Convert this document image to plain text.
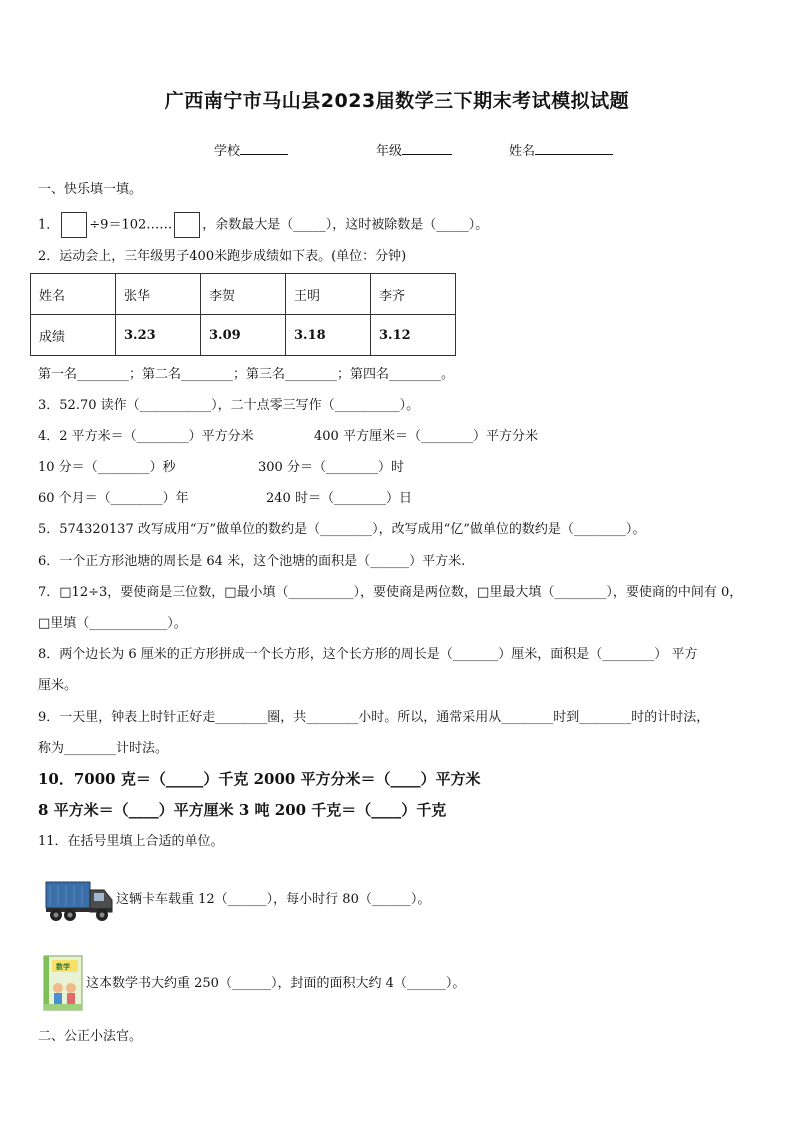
广西南宁市马山县2023届数学三下期末考试模拟试题
学校	年级	姓名
一、快乐填一填。
1． ÷9＝102…… ，余数最大是（_____），这时被除数是（_____）。
2．运动会上，三年级男子400米跑步成绩如下表。(单位：分钟)
姓名	张华	李贺	王明	李齐
成绩	3.23	3.09	3.18	3.12
第一名________；第二名________；第三名________；第四名________。
3．52.70 读作（___________），二十点零三写作（__________）。
4．2 平方米＝（________）平方分米	400 平方厘米＝（________）平方分米
10 分＝（________）秒	300 分＝（________）时
60 个月＝（________）年	240 时＝（________）日
5．574320137 改写成用“万”做单位的数约是（________），改写成用“亿”做单位的数约是（________）。
6．一个正方形池塘的周长是 64 米，这个池塘的面积是（______）平方米.
7．□12÷3，要使商是三位数，□最小填（__________），要使商是两位数，□里最大填（________），要使商的中间有 0，
□里填（____________）。
8．两个边长为 6 厘米的正方形拼成一个长方形，这个长方形的周长是（_______）厘米，面积是（________） 平方
厘米。
9．一天里，钟表上时针正好走________圈，共________小时。所以，通常采用从________时到________时的计时法，
称为________计时法。
10．7000 克＝（_____）千克 2000 平方分米＝（____）平方米
8 平方米＝（____）平方厘米 3 吨 200 千克＝（____）千克
11．在括号里填上合适的单位。
这辆卡车载重 12（______），每小时行 80（______）。
数学
这本数学书大约重 250（______），封面的面积大约 4（______）。
二、公正小法官。
